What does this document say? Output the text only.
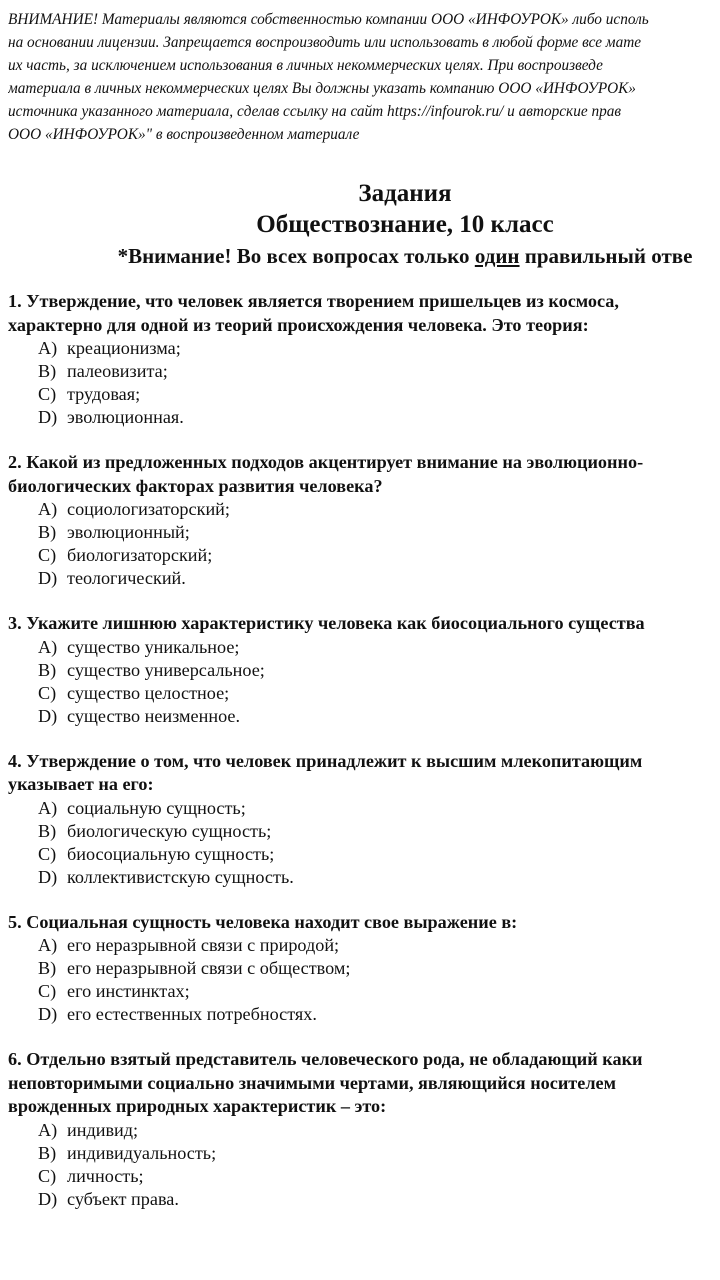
ВНИМАНИЕ! Материалы являются собственностью компании ООО «ИНФОУРОК» либо исполь
на основании лицензии. Запрещается воспроизводить или использовать в любой форме все мате
их часть, за исключением использования в личных некоммерческих целях. При воспроизведе
материала в личных некоммерческих целях Вы должны указать компанию ООО «ИНФОУРОК»
источника указанного материала, сделав ссылку на сайт https://infourok.ru/ и авторские прав
ООО «ИНФОУРОК»" в воспроизведенном материале
Задания
Обществознание, 10 класс
*Внимание! Во всех вопросах только один правильный отве
1. Утверждение, что человек является творением пришельцев из космоса,
характерно для одной из теорий происхождения человека. Это теория:
A) креационизма;
B) палеовизита;
C) трудовая;
D) эволюционная.
2. Какой из предложенных подходов акцентирует внимание на эволюционно-
биологических факторах развития человека?
A) социологизаторский;
B) эволюционный;
C) биологизаторский;
D) теологический.
3. Укажите лишнюю характеристику человека как биосоциального существа
A) существо уникальное;
B) существо универсальное;
C) существо целостное;
D) существо неизменное.
4. Утверждение о том, что человек принадлежит к высшим млекопитающим
указывает на его:
A) социальную сущность;
B) биологическую сущность;
C) биосоциальную сущность;
D) коллективистскую сущность.
5. Социальная сущность человека находит свое выражение в:
A) его неразрывной связи с природой;
B) его неразрывной связи с обществом;
C) его инстинктах;
D) его естественных потребностях.
6. Отдельно взятый представитель человеческого рода, не обладающий каки
неповторимыми социально значимыми чертами, являющийся носителем
врожденных природных характеристик – это:
A) индивид;
B) индивидуальность;
C) личность;
D) субъект права.
